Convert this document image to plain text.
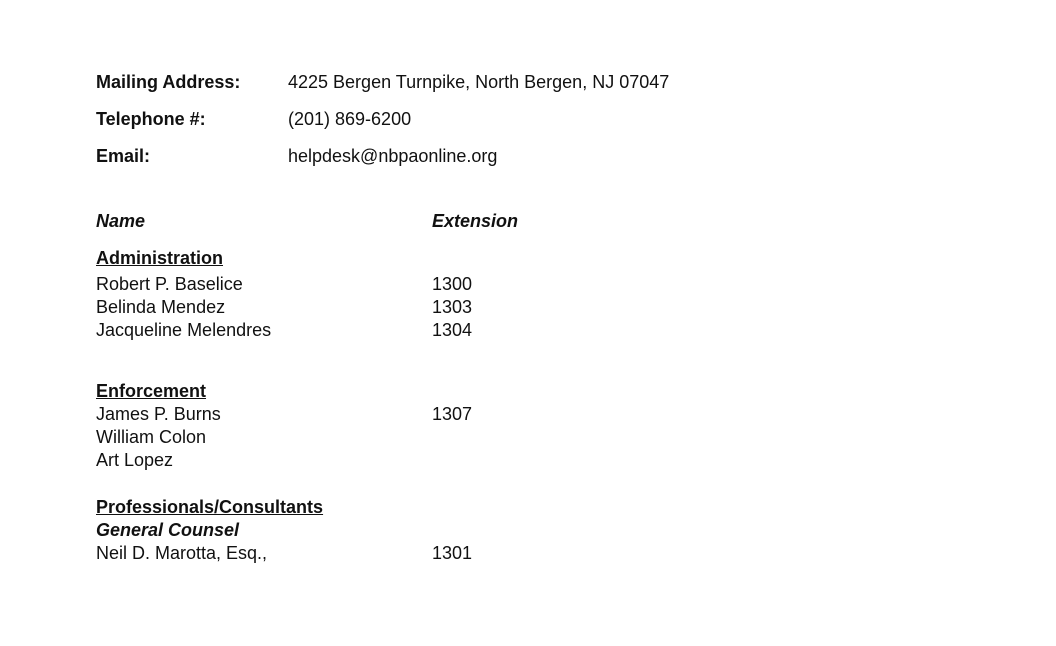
Mailing Address:	4225 Bergen Turnpike, North Bergen, NJ 07047
Telephone #:	(201) 869-6200
Email:	helpdesk@nbpaonline.org
Name	Extension
Administration
Robert P. Baselice	1300
Belinda Mendez	1303
Jacqueline Melendres	1304
Enforcement
James P. Burns	1307
William Colon
Art Lopez
Professionals/Consultants
General Counsel
Neil D. Marotta, Esq.,	1301
